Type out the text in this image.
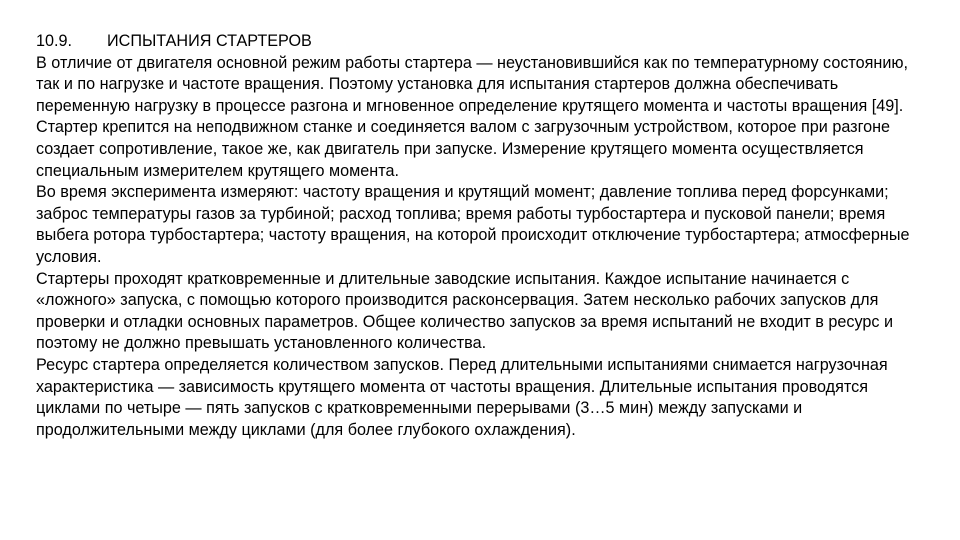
10.9.	ИСПЫТАНИЯ СТАРТЕРОВ

В отличие от двигателя основной режим работы стартера — неустановившийся как по температурному состоянию, так и по нагрузке и частоте вращения. Поэтому установка для испытания стартеров должна обеспечивать переменную нагрузку в процессе разгона и мгновенное определение крутящего момента и частоты вращения [49].

Стартер крепится на неподвижном станке и соединяется валом с загрузочным устройством, которое при разгоне создает сопротивление, такое же, как двигатель при запуске. Измерение крутящего момента осуществляется специальным измерителем крутящего момента.

Во время эксперимента измеряют: частоту вращения и крутящий момент; давление топлива перед форсунками; заброс температуры газов за турбиной; расход топлива; время работы турбостартера и пусковой панели; время выбега ротора турбостартера; частоту вращения, на которой происходит отключение турбостартера; атмосферные условия.

Стартеры проходят кратковременные и длительные заводские испытания. Каждое испытание начинается с «ложного» запуска, с помощью которого производится расконсервация. Затем несколько рабочих запусков для проверки и отладки основных параметров. Общее количество запусков за время испытаний не входит в ресурс и поэтому не должно превышать установленного количества.

Ресурс стартера определяется количеством запусков. Перед длительными испытаниями снимается нагрузочная характеристика — зависимость крутящего момента от частоты вращения. Длительные испытания проводятся циклами по четыре — пять запусков с кратковременными перерывами (3…5 мин) между запусками и продолжительными между циклами (для более глубокого охлаждения).
